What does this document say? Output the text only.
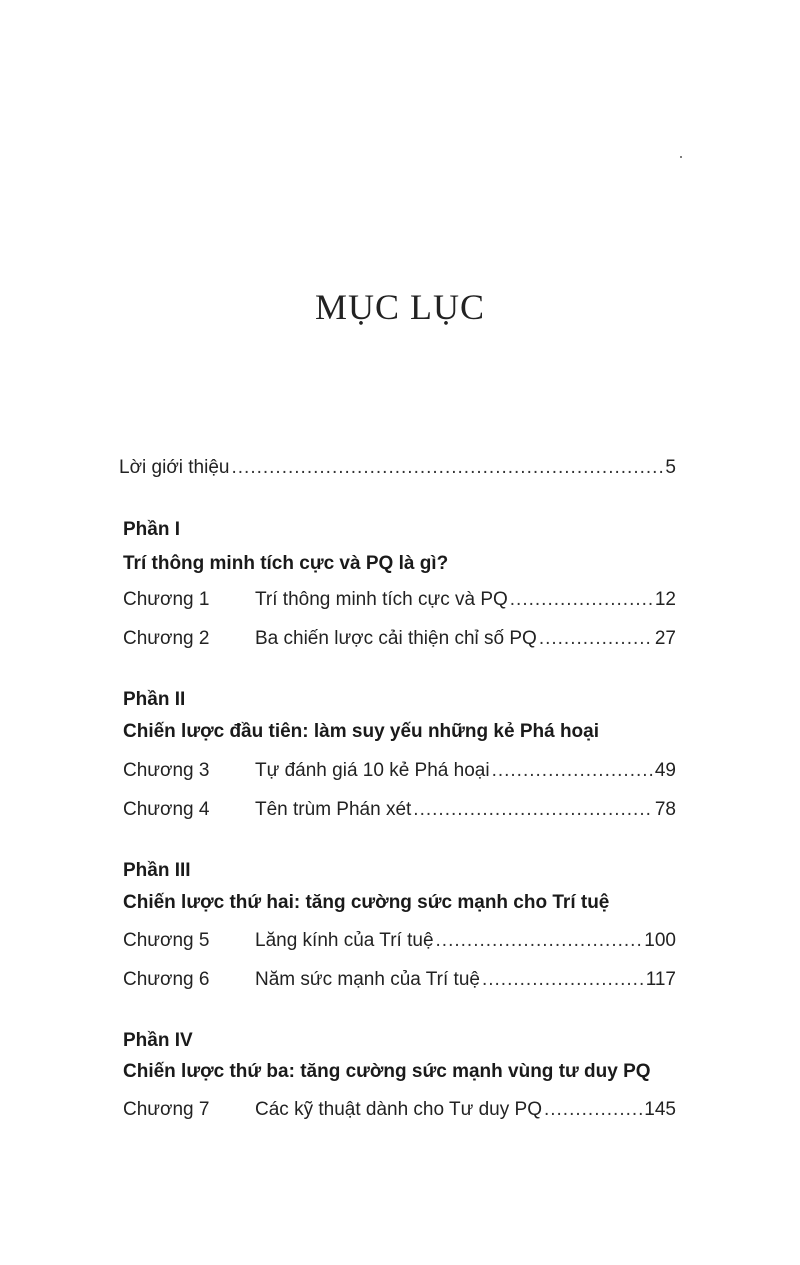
MỤC LỤC
Lời giới thiệu .....	5
Phần I
Trí thông minh tích cực và PQ là gì?
Chương 1	Trí thông minh tích cực và PQ .....	12
Chương 2	Ba chiến lược cải thiện chỉ số PQ .....	27
Phần II
Chiến lược đầu tiên: làm suy yếu những kẻ Phá hoại
Chương 3	Tự đánh giá 10 kẻ Phá hoại .....	49
Chương 4	Tên trùm Phán xét .....	78
Phần III
Chiến lược thứ hai: tăng cường sức mạnh cho Trí tuệ
Chương 5	Lăng kính của Trí tuệ .....	100
Chương 6	Năm sức mạnh của Trí tuệ .....	117
Phần IV
Chiến lược thứ ba: tăng cường sức mạnh vùng tư duy PQ
Chương 7	Các kỹ thuật dành cho Tư duy PQ .....	145
